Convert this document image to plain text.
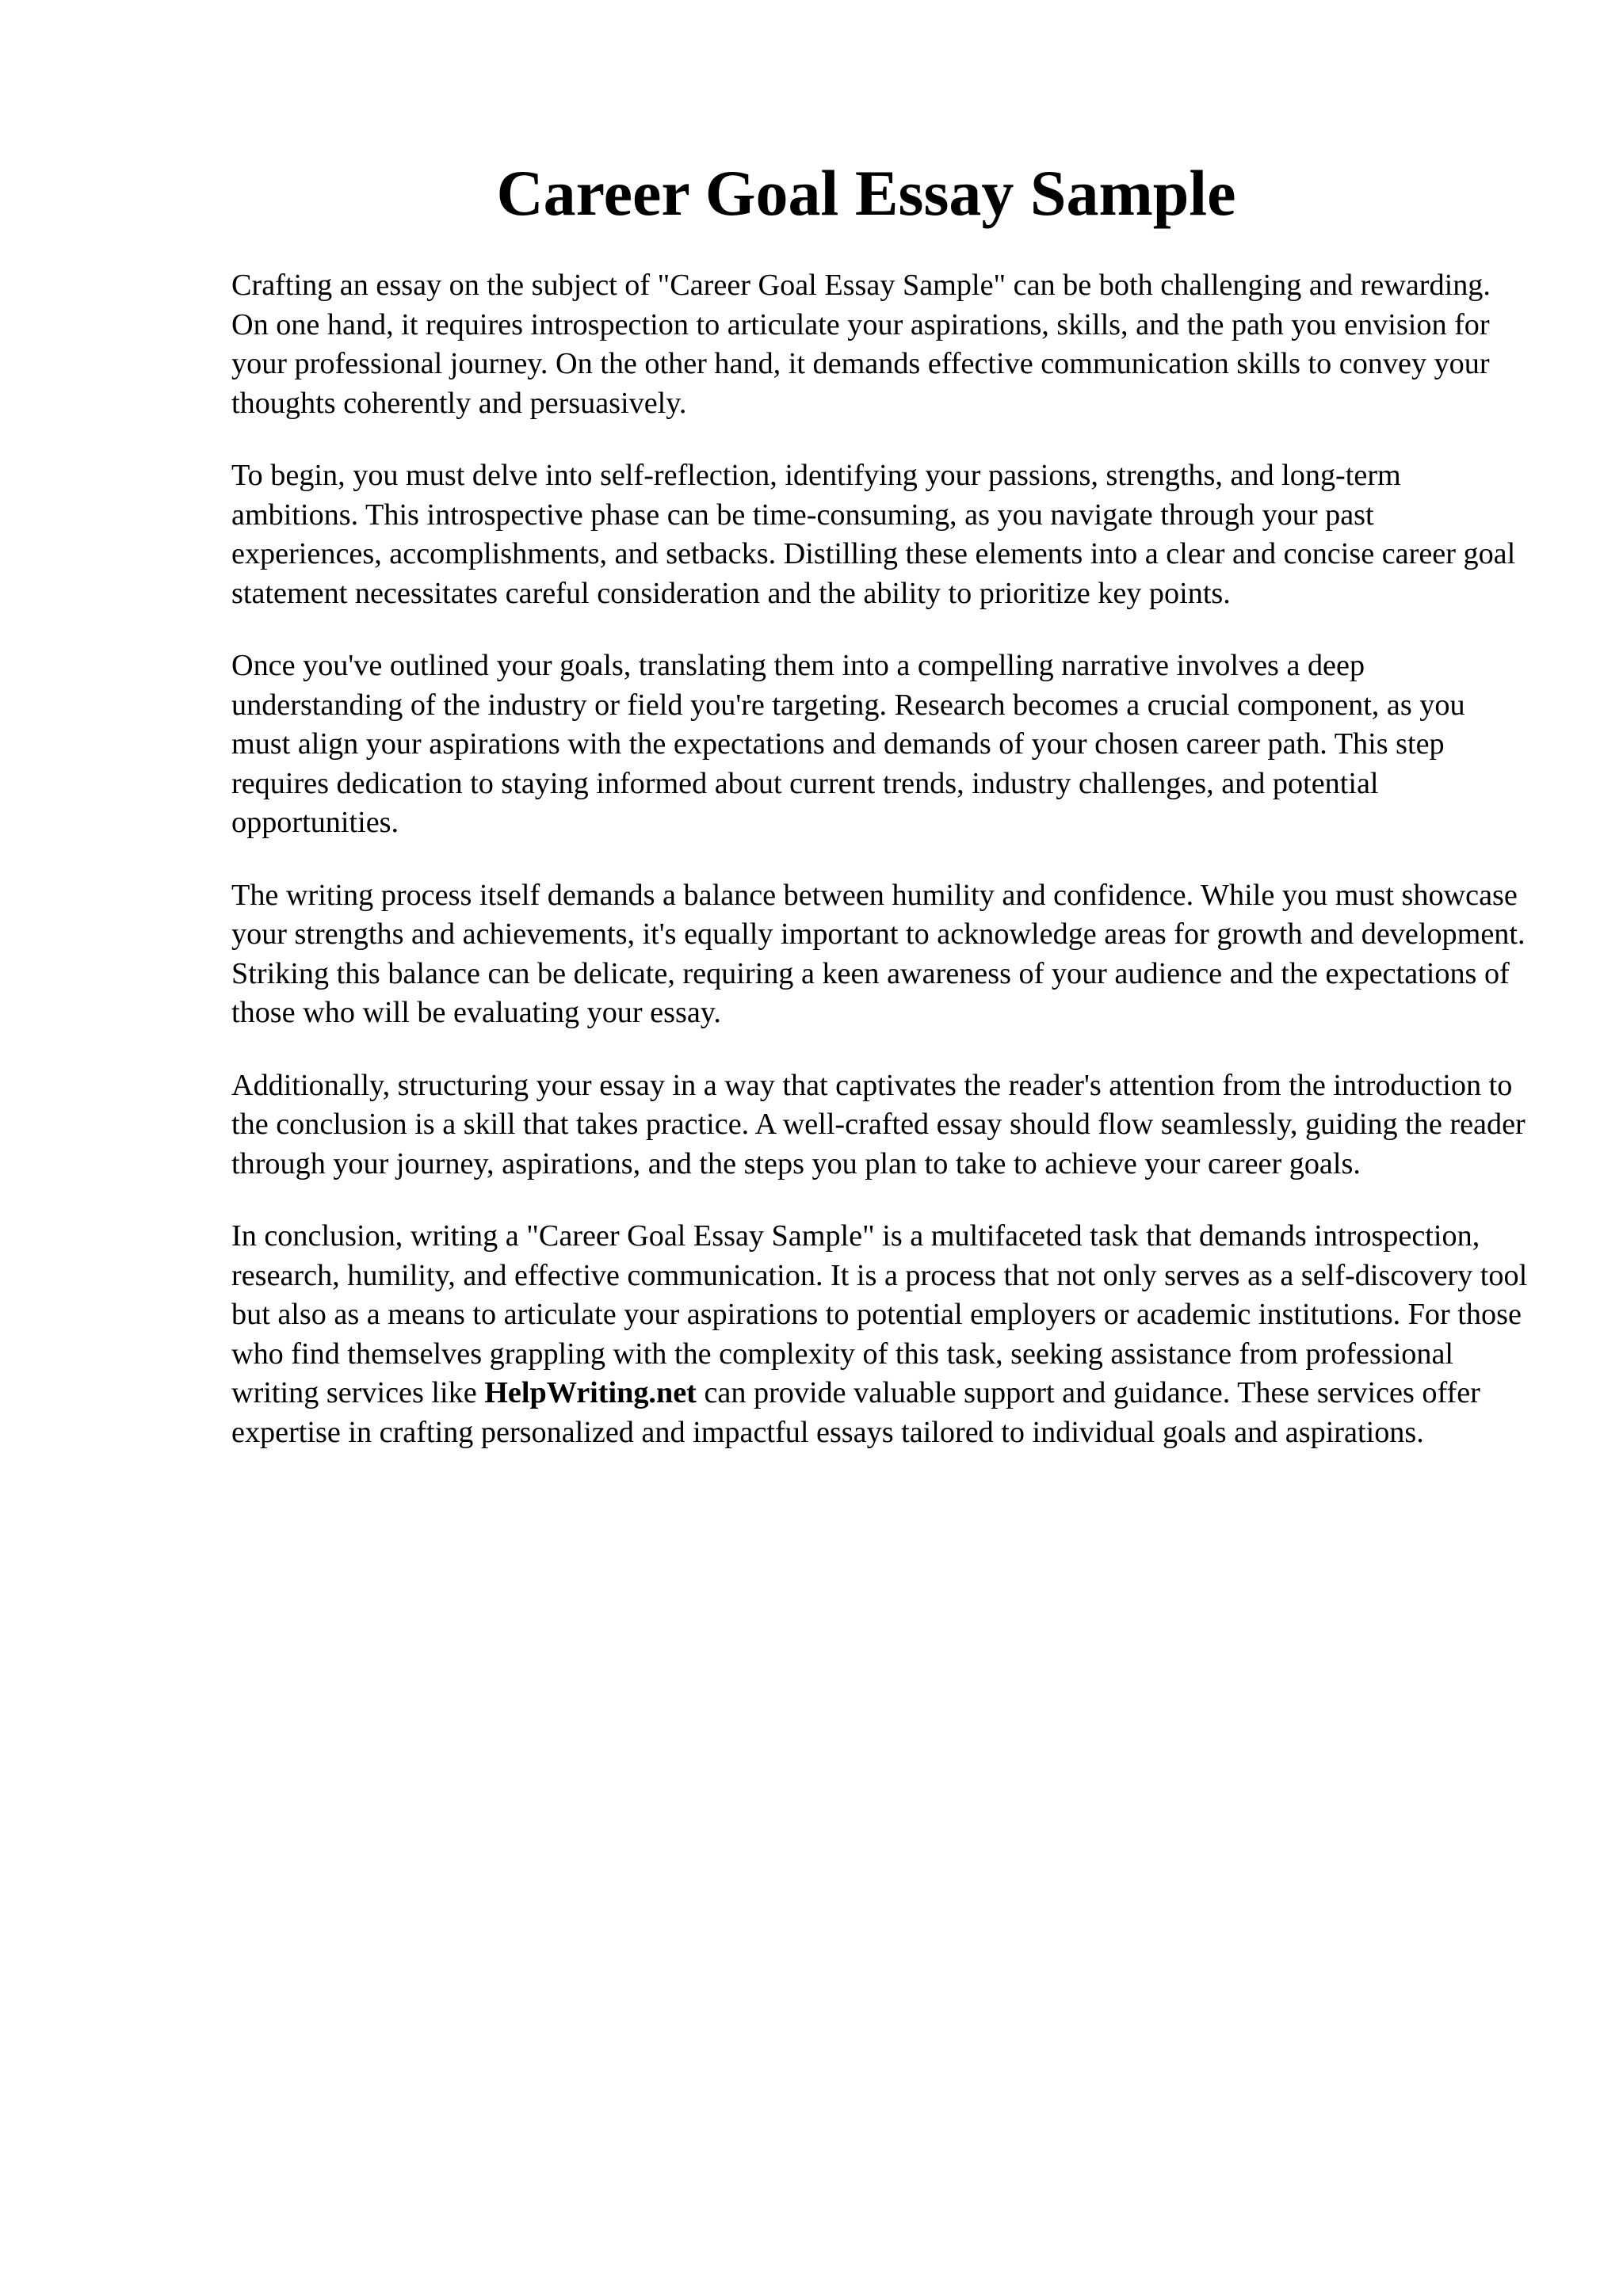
Career Goal Essay Sample

Crafting an essay on the subject of "Career Goal Essay Sample" can be both challenging and rewarding. On one hand, it requires introspection to articulate your aspirations, skills, and the path you envision for your professional journey. On the other hand, it demands effective communication skills to convey your thoughts coherently and persuasively.

To begin, you must delve into self-reflection, identifying your passions, strengths, and long-term ambitions. This introspective phase can be time-consuming, as you navigate through your past experiences, accomplishments, and setbacks. Distilling these elements into a clear and concise career goal statement necessitates careful consideration and the ability to prioritize key points.

Once you've outlined your goals, translating them into a compelling narrative involves a deep understanding of the industry or field you're targeting. Research becomes a crucial component, as you must align your aspirations with the expectations and demands of your chosen career path. This step requires dedication to staying informed about current trends, industry challenges, and potential opportunities.

The writing process itself demands a balance between humility and confidence. While you must showcase your strengths and achievements, it's equally important to acknowledge areas for growth and development. Striking this balance can be delicate, requiring a keen awareness of your audience and the expectations of those who will be evaluating your essay.

Additionally, structuring your essay in a way that captivates the reader's attention from the introduction to the conclusion is a skill that takes practice. A well-crafted essay should flow seamlessly, guiding the reader through your journey, aspirations, and the steps you plan to take to achieve your career goals.

In conclusion, writing a "Career Goal Essay Sample" is a multifaceted task that demands introspection, research, humility, and effective communication. It is a process that not only serves as a self-discovery tool but also as a means to articulate your aspirations to potential employers or academic institutions. For those who find themselves grappling with the complexity of this task, seeking assistance from professional writing services like HelpWriting.net can provide valuable support and guidance. These services offer expertise in crafting personalized and impactful essays tailored to individual goals and aspirations.
